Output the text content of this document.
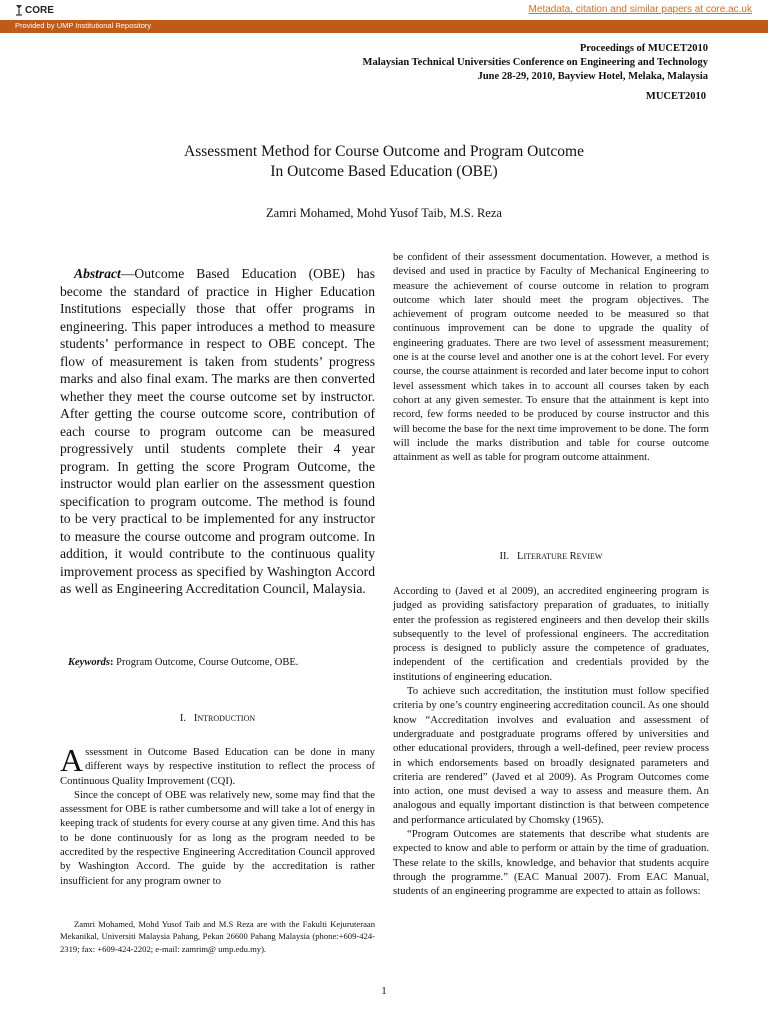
CORE	Metadata, citation and similar papers at core.ac.uk
Provided by UMP Institutional Repository
Proceedings of MUCET2010
Malaysian Technical Universities Conference on Engineering and Technology
June 28-29, 2010, Bayview Hotel, Melaka, Malaysia
MUCET2010
Assessment Method for Course Outcome and Program Outcome
In Outcome Based Education (OBE)
Zamri Mohamed, Mohd Yusof Taib, M.S. Reza
Abstract—Outcome Based Education (OBE) has become the standard of practice in Higher Education Institutions especially those that offer programs in engineering. This paper introduces a method to measure students’ performance in respect to OBE concept. The flow of measurement is taken from students’ progress marks and also final exam. The marks are then converted whether they meet the course outcome set by instructor. After getting the course outcome score, contribution of each course to program outcome can be measured progressively until students complete their 4 year program. In getting the score Program Outcome, the instructor would plan earlier on the assessment question specification to program outcome. The method is found to be very practical to be implemented for any instructor to measure the course outcome and program outcome. In addition, it would contribute to the continuous quality improvement process as specified by Washington Accord as well as Engineering Accreditation Council, Malaysia.
Keywords: Program Outcome, Course Outcome, OBE.
I. INTRODUCTION

Assessment in Outcome Based Education can be done in many different ways by respective institution to reflect the process of Continuous Quality Improvement (CQI).

Since the concept of OBE was relatively new, some may find that the assessment for OBE is rather cumbersome and will take a lot of energy in keeping track of students for every course at any given time. And this has to be done continuously for as long as the program needed to be accredited by the respective Engineering Accreditation Council approved by Washington Accord. The guide by the accreditation is rather insufficient for any program owner to

Zamri Mohamed, Mohd Yusof Taib and M.S Reza are with the Fakulti Kejuruteraan Mekanikal, Universiti Malaysia Pahang, Pekan 26600 Pahang Malaysia (phone:+609-424-2319; fax: +609-424-2202; e-mail: zamrim@ ump.edu.my).
be confident of their assessment documentation. However, a method is devised and used in practice by Faculty of Mechanical Engineering to measure the achievement of course outcome in relation to program outcome which later should meet the program objectives. The achievement of program outcome needed to be measured so that continuous improvement can be done to upgrade the quality of engineering graduates. There are two level of assessment measurement; one is at the course level and another one is at the cohort level. For every course, the course attainment is recorded and later become input to cohort level assessment which takes in to account all courses taken by each cohort at any given semester. To ensure that the attainment is kept into record, few forms needed to be produced by course instructor and this will become the base for the next time improvement to be done. The form will include the marks distribution and table for course outcome attainment as well as table for program outcome attainment.
II. LITERATURE REVIEW

According to (Javed et al 2009), an accredited engineering program is judged as providing satisfactory preparation of graduates, to initially enter the profession as registered engineers and then develop their skills subsequently to the level of professional engineers. The accreditation process is designed to publicly assure the competence of graduates, independent of the certification and credentials provided by the institutions of engineering education.

To achieve such accreditation, the institution must follow specified criteria by one’s country engineering accreditation council. As one should know “Accreditation involves and evaluation and assessment of undergraduate and postgraduate programs offered by universities and other educational providers, through a well-defined, peer review process in which endorsements based on broadly designated parameters and criteria are rendered” (Javed et al 2009). As Program Outcomes come into action, one must devised a way to assess and measure them. An analogous and equally important distinction is that between competence and performance articulated by Chomsky (1965).

“Program Outcomes are statements that describe what students are expected to know and able to perform or attain by the time of graduation. These relate to the skills, knowledge, and behavior that students acquire through the programme.” (EAC Manual 2007). From EAC Manual, students of an engineering programme are expected to attain as follows:

1
